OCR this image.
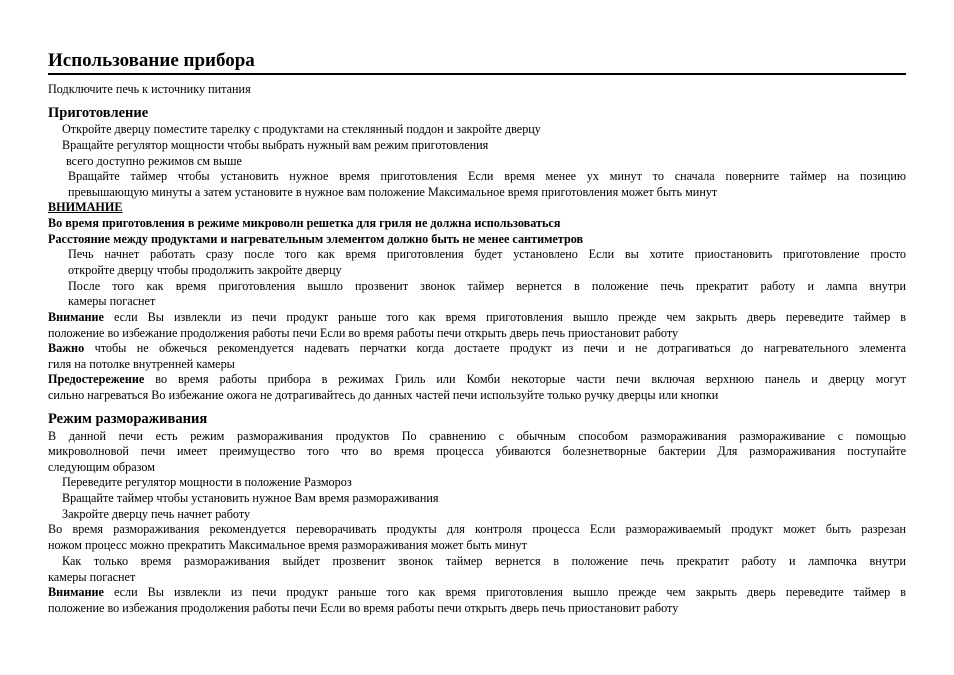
Использование прибора
Подключите печь к источнику питания
Приготовление
Откройте дверцу поместите тарелку с продуктами на стеклянный поддон и закройте дверцу
Вращайте регулятор мощности чтобы выбрать нужный вам режим приготовления
всего доступно режимов см выше
Вращайте таймер чтобы установить нужное время приготовления Если время менее ух минут то сначала поверните таймер на позицию
превышающую минуты а затем установите в нужное вам положение Максимальное время приготовления может быть минут
ВНИМАНИЕ
Во время приготовления в режиме микроволн решетка для гриля не должна использоваться
Расстояние между продуктами и нагревательным элементом должно быть не менее сантиметров
Печь начнет работать сразу после того как время приготовления будет установлено Если вы хотите приостановить приготовление просто
откройте дверцу чтобы продолжить закройте дверцу
После того как время приготовления вышло прозвенит звонок таймер вернется в положение печь прекратит работу и лампа внутри
камеры погаснет
Внимание если Вы извлекли из печи продукт раньше того как время приготовления вышло прежде чем закрыть дверь переведите таймер в
положение во избежание продолжения работы печи Если во время работы печи открыть дверь печь приостановит работу
Важно чтобы не обжечься рекомендуется надевать перчатки когда достаете продукт из печи и не дотрагиваться до нагревательного элемента
гиля на потолке внутренней камеры
Предостережение во время работы прибора в режимах Гриль или Комби некоторые части печи включая верхнюю панель и дверцу могут
сильно нагреваться Во избежание ожога не дотрагивайтесь до данных частей печи используйте только ручку дверцы или кнопки
Режим размораживания
В данной печи есть режим размораживания продуктов По сравнению с обычным способом размораживания размораживание с помощью
микроволновой печи имеет преимущество того что во время процесса убиваются болезнетворные бактерии Для размораживания поступайте
следующим образом
Переведите регулятор мощности в положение Разморoз
Вращайте таймер чтобы установить нужное Вам время размораживания
Закройте дверцу печь начнет работу
Во время размораживания рекомендуется переворачивать продукты для контроля процесса Если размораживаемый продукт может быть разрезан
ножом процесс можно прекратить Максимальное время размораживания может быть минут
Как только время размораживания выйдет прозвенит звонок таймер вернется в положение печь прекратит работу и лампочка внутри
камеры погаснет
Внимание если Вы извлекли из печи продукт раньше того как время приготовления вышло прежде чем закрыть дверь переведите таймер в
положение во избежания продолжения работы печи Если во время работы печи открыть дверь печь приостановит работу
